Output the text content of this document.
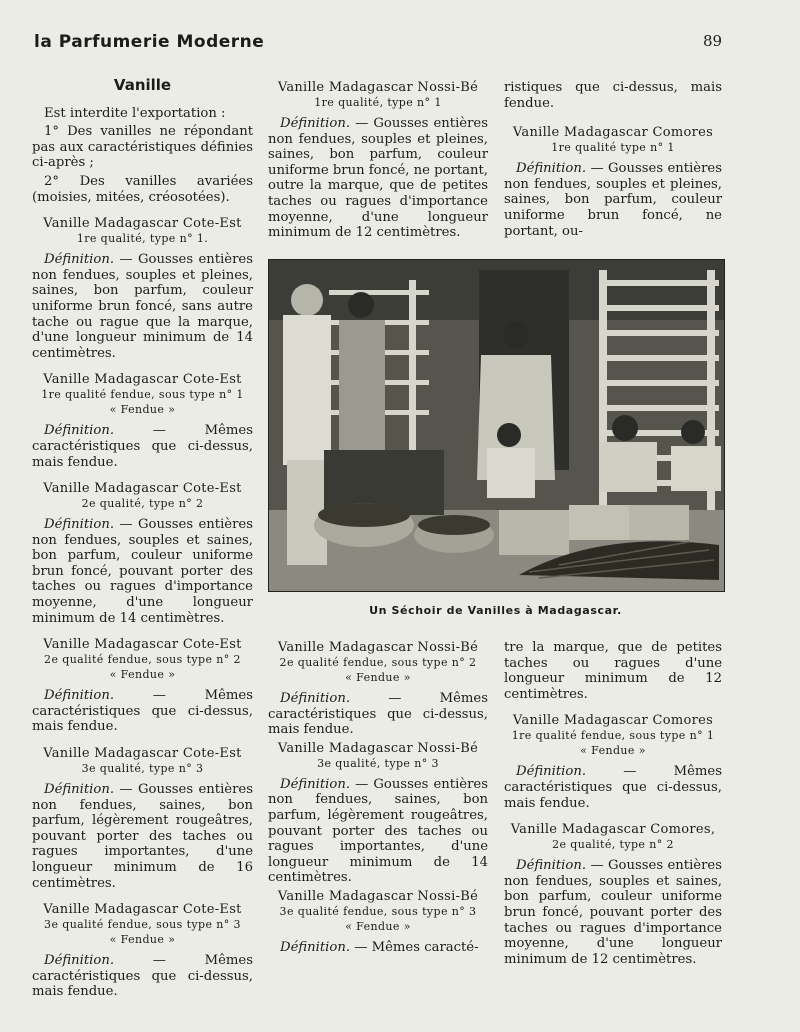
la Parfumerie Moderne	89
Vanille

Est interdite l'exportation :

1° Des vanilles ne répondant pas aux caractéristiques définies ci-après ;

2° Des vanilles avariées (moisies, mitées, créosotées).

Vanille Madagascar Cote-Est
1re qualité, type n° 1.

Définition. — Gousses entières non fendues, souples et pleines, saines, bon parfum, couleur uniforme brun foncé, sans autre tache ou rague que la marque, d'une longueur minimum de 14 centimètres.

Vanille Madagascar Cote-Est
1re qualité fendue, sous type n° 1
« Fendue »

Définition.	— Mêmes caractéristiques que ci-dessus, mais fendue.

Vanille Madagascar Cote-Est
2e qualité, type n° 2

Définition. — Gousses entières non fendues, souples et saines, bon parfum, couleur uniforme brun foncé, pouvant porter des taches ou ragues d'importance moyenne, d'une longueur minimum de 14 centimètres.

Vanille Madagascar Cote-Est
2e qualité fendue, sous type n° 2
« Fendue »

Définition.	— Mêmes caractéristiques que ci-dessus, mais fendue.

Vanille Madagascar Cote-Est
3e qualité, type n° 3

Définition. — Gousses entières non fendues, saines, bon parfum, légèrement rougeâtres, pouvant porter des taches ou ragues importantes, d'une longueur minimum de 16 centimètres.

Vanille Madagascar Cote-Est
3e qualité fendue, sous type n° 3
« Fendue »

Définition.	— Mêmes caractéristiques que ci-dessus, mais fendue.

Vanille Madagascar Nossi-Bé
1re qualité, type n° 1

Définition. — Gousses entières non fendues, souples et pleines, saines, bon parfum, couleur uniforme brun foncé, ne portant, outre la marque, que de petites taches ou ragues d'importance moyenne, d'une longueur minimum de 12 centimètres.

ristiques que ci-dessus, mais fendue.

Vanille Madagascar Comores
1re qualité type n° 1

Définition. — Gousses entières non fendues, souples et pleines, saines, bon parfum, couleur uniforme brun foncé, ne portant, ou-

Un Séchoir de Vanilles à Madagascar.
Vanille Madagascar Nossi-Bé
2e qualité fendue, sous type n° 2
« Fendue »

Définition.	— Mêmes caractéristiques que ci-dessus, mais fendue.

Vanille Madagascar Nossi-Bé
3e qualité, type n° 3

Définition. — Gousses entières non fendues, saines, bon parfum, légèrement rougeâtres, pouvant porter des taches ou ragues importantes, d'une longueur minimum de 14 centimètres.

Vanille Madagascar Nossi-Bé
3e qualité fendue, sous type n° 3
« Fendue »

Définition. — Mêmes caracté-

tre la marque, que de petites taches ou ragues d'une longueur minimum de 12 centimètres.

Vanille Madagascar Comores
1re qualité fendue, sous type n° 1
« Fendue »

Définition.	— Mêmes caractéristiques que ci-dessus, mais fendue.

Vanille Madagascar Comores,
2e qualité, type n° 2

Définition. — Gousses entières non fendues, souples et saines, bon parfum, couleur uniforme brun foncé, pouvant porter des taches ou ragues d'importance moyenne, d'une longueur minimum de 12 centimètres.
